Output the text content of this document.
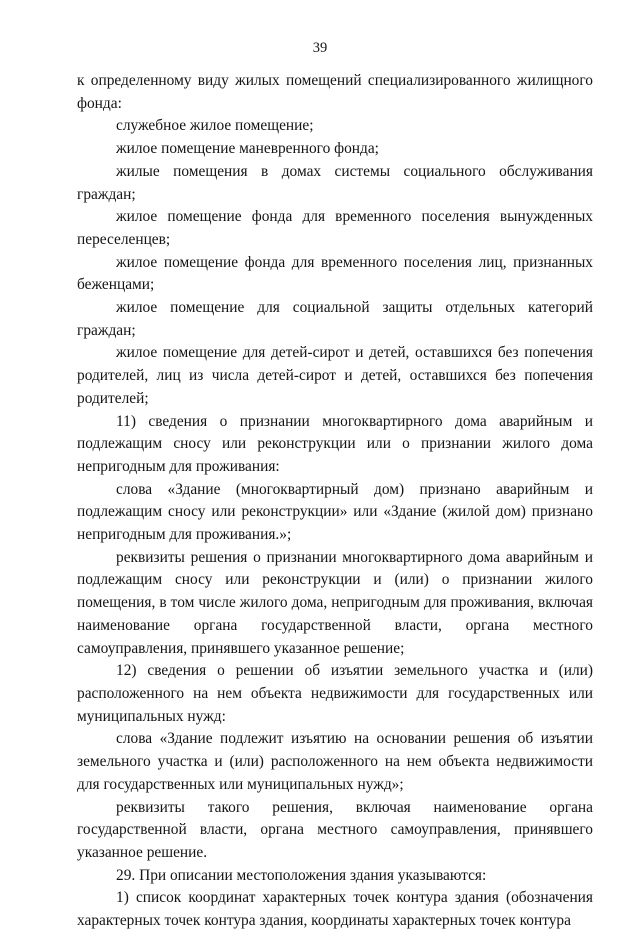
39

к определенному виду жилых помещений специализированного жилищного фонда:

служебное жилое помещение;

жилое помещение маневренного фонда;

жилые помещения в домах системы социального обслуживания граждан;

жилое помещение фонда для временного поселения вынужденных переселенцев;

жилое помещение фонда для временного поселения лиц, признанных беженцами;

жилое помещение для социальной защиты отдельных категорий граждан;

жилое помещение для детей-сирот и детей, оставшихся без попечения родителей, лиц из числа детей-сирот и детей, оставшихся без попечения родителей;

11) сведения о признании многоквартирного дома аварийным и подлежащим сносу или реконструкции или о признании жилого дома непригодным для проживания:

слова «Здание (многоквартирный дом) признано аварийным и подлежащим сносу или реконструкции» или «Здание (жилой дом) признано непригодным для проживания.»;

реквизиты решения о признании многоквартирного дома аварийным и подлежащим сносу или реконструкции и (или) о признании жилого помещения, в том числе жилого дома, непригодным для проживания, включая наименование органа государственной власти, органа местного самоуправления, принявшего указанное решение;

12) сведения о решении об изъятии земельного участка и (или) расположенного на нем объекта недвижимости для государственных или муниципальных нужд:

слова «Здание подлежит изъятию на основании решения об изъятии земельного участка и (или) расположенного на нем объекта недвижимости для государственных или муниципальных нужд»;

реквизиты такого решения, включая наименование органа государственной власти, органа местного самоуправления, принявшего указанное решение.

29. При описании местоположения здания указываются:

1) список координат характерных точек контура здания (обозначения характерных точек контура здания, координаты характерных точек контура
